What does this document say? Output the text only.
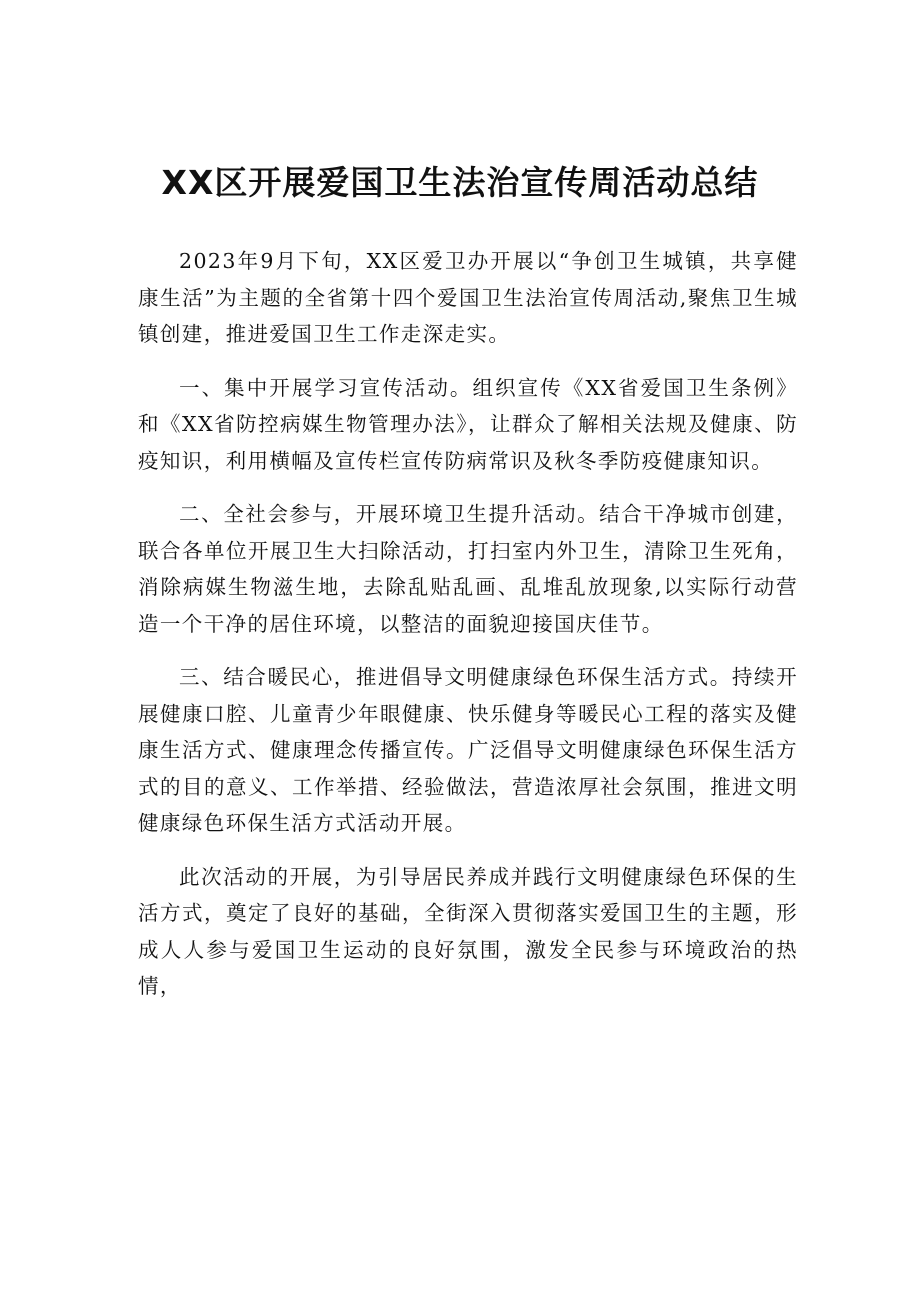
XX区开展爱国卫生法治宣传周活动总结

2023年9月下旬，XX区爱卫办开展以“争创卫生城镇，共享健康生活”为主题的全省第十四个爱国卫生法治宣传周活动,聚焦卫生城镇创建，推进爱国卫生工作走深走实。

一、集中开展学习宣传活动。组织宣传《XX省爱国卫生条例》和《XX省防控病媒生物管理办法》，让群众了解相关法规及健康、防疫知识，利用横幅及宣传栏宣传防病常识及秋冬季防疫健康知识。

二、全社会参与，开展环境卫生提升活动。结合干净城市创建，联合各单位开展卫生大扫除活动，打扫室内外卫生，清除卫生死角，消除病媒生物滋生地，去除乱贴乱画、乱堆乱放现象,以实际行动营造一个干净的居住环境，以整洁的面貌迎接国庆佳节。

三、结合暖民心，推进倡导文明健康绿色环保生活方式。持续开展健康口腔、儿童青少年眼健康、快乐健身等暖民心工程的落实及健康生活方式、健康理念传播宣传。广泛倡导文明健康绿色环保生活方式的目的意义、工作举措、经验做法，营造浓厚社会氛围，推进文明健康绿色环保生活方式活动开展。

此次活动的开展，为引导居民养成并践行文明健康绿色环保的生活方式，奠定了良好的基础，全街深入贯彻落实爱国卫生的主题，形成人人参与爱国卫生运动的良好氛围，激发全民参与环境政治的热情，
